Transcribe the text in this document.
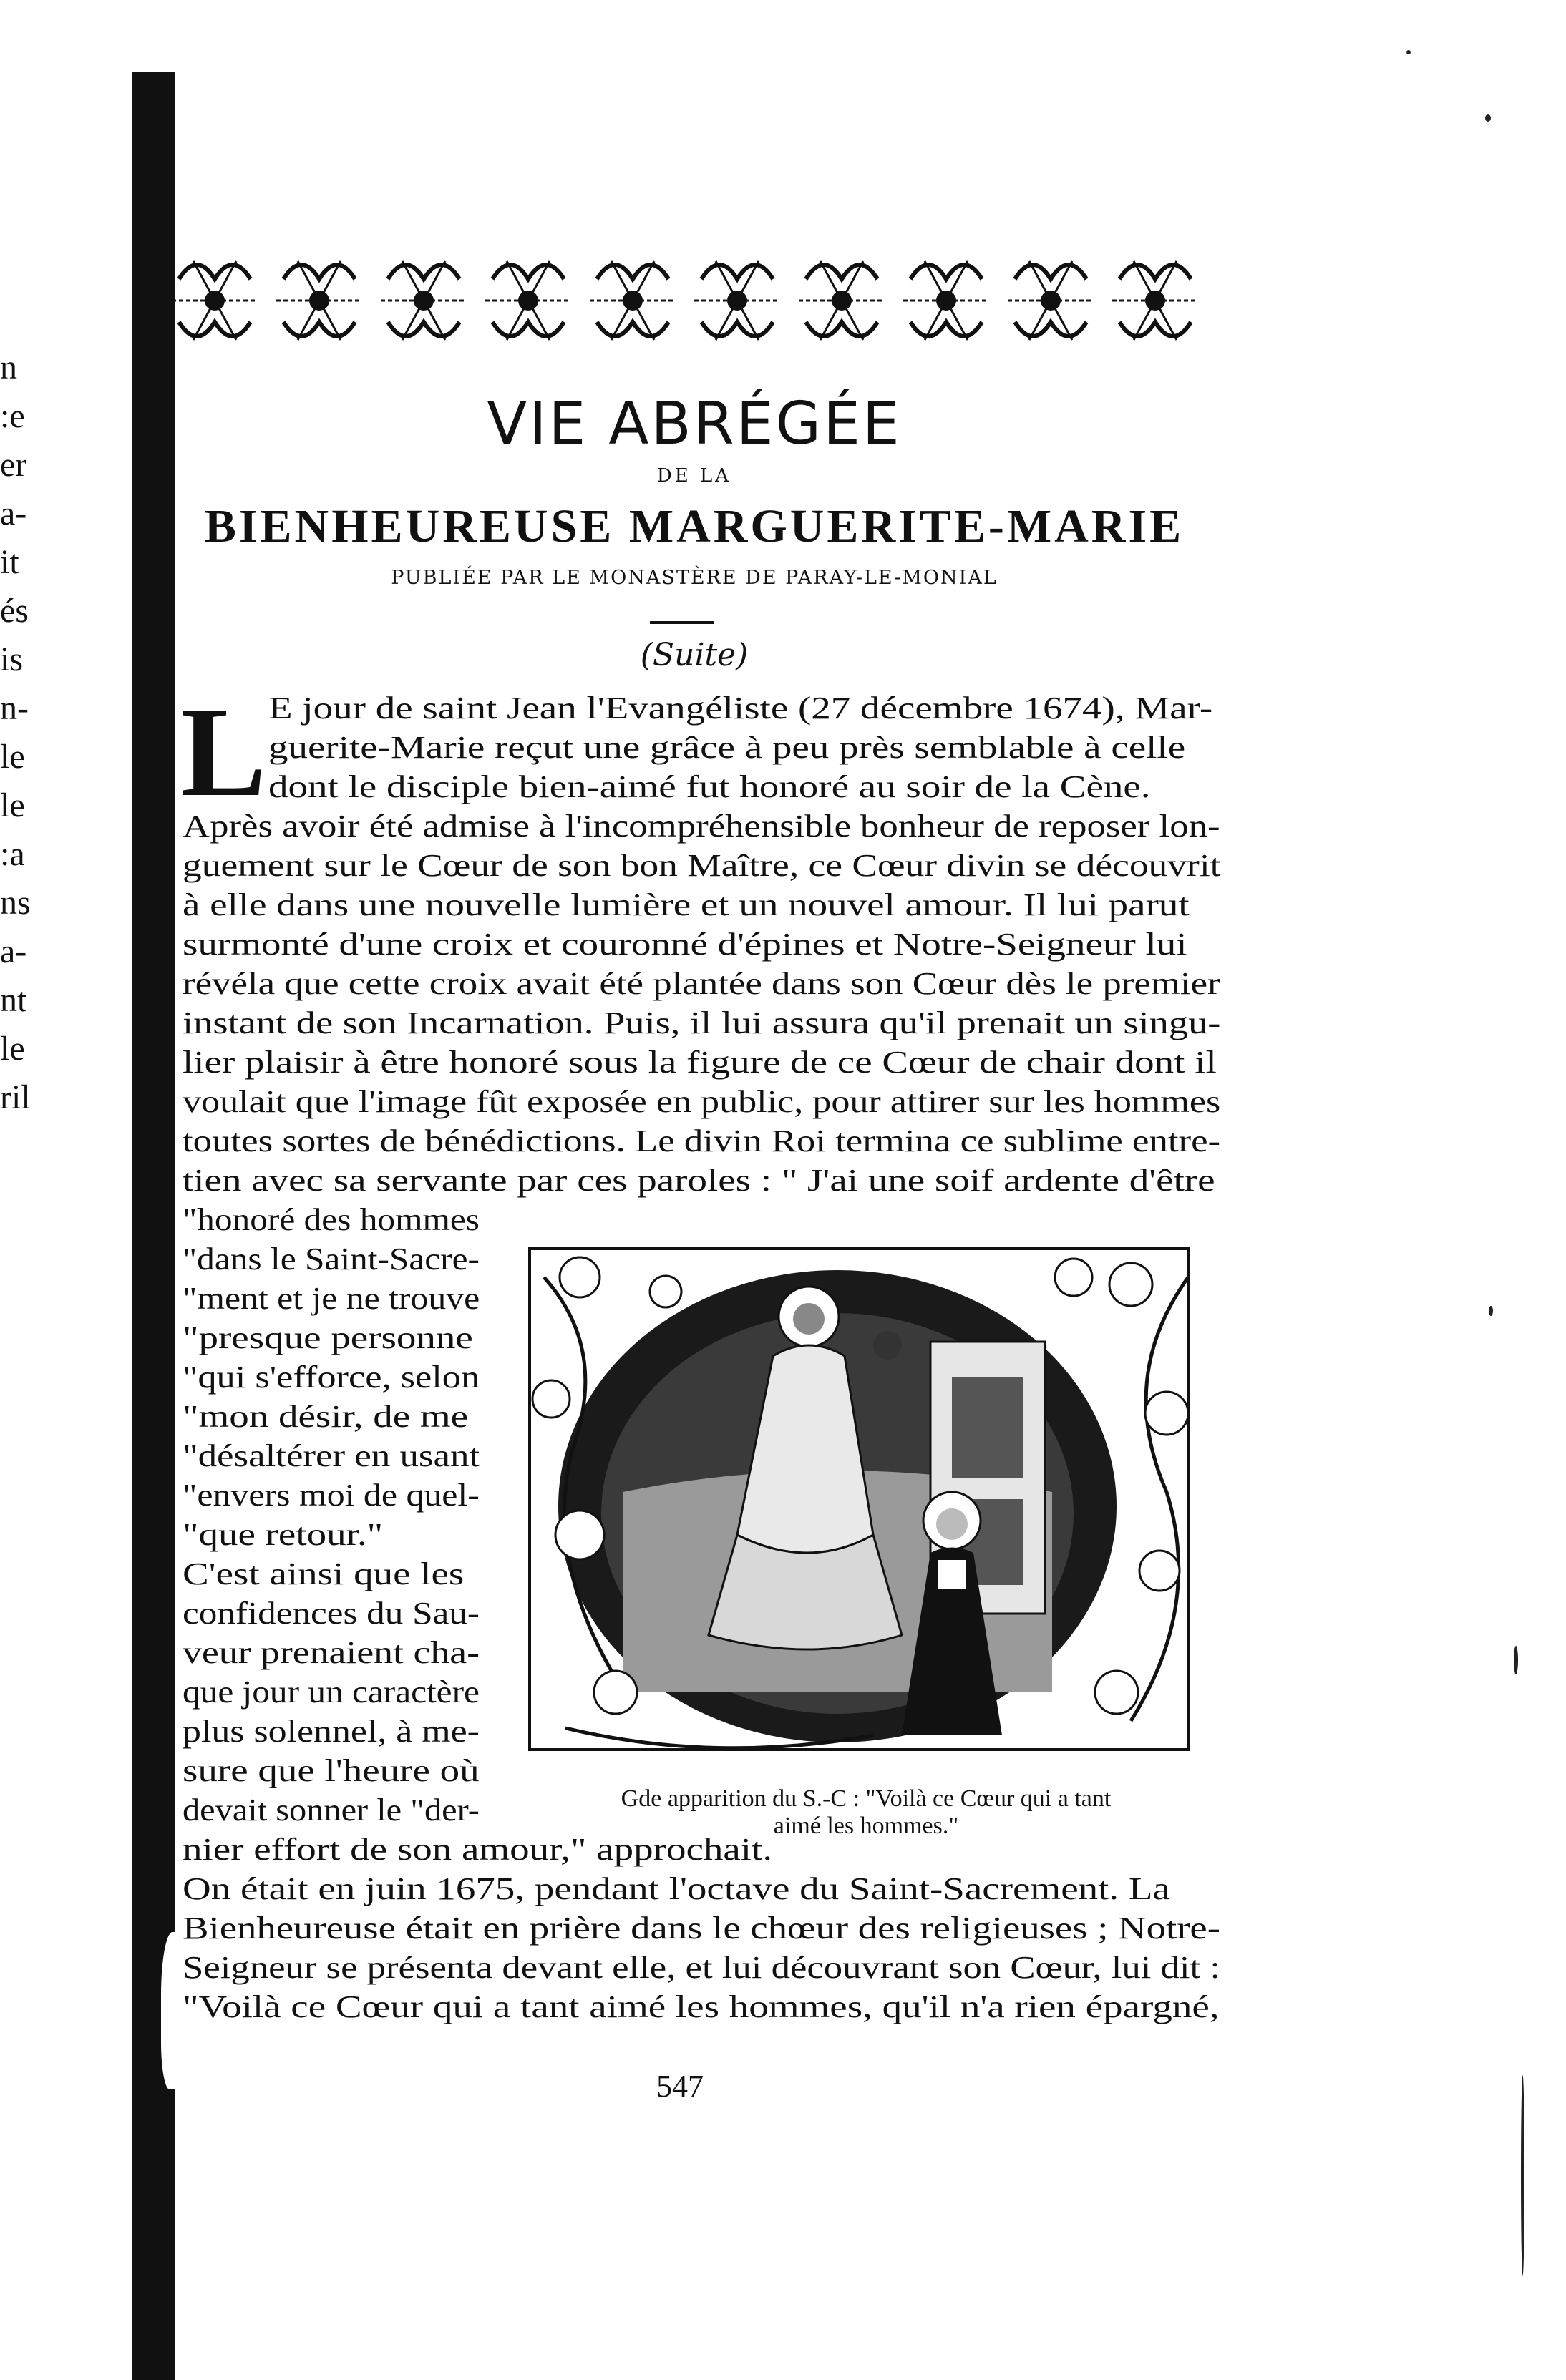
n
:e
er
a-
it
és
is
n-
le
le
:a
ns
a-
nt
le
ril
VIE ABRÉGÉE
DE LA
BIENHEUREUSE MARGUERITE-MARIE
PUBLIÉE PAR LE MONASTÈRE DE PARAY-LE-MONIAL
(Suite)
L E jour de saint Jean l'Evangéliste (27 décembre 1674), Mar-
guerite-Marie reçut une grâce à peu près semblable à celle
dont le disciple bien-aimé fut honoré au soir de la Cène.
Après avoir été admise à l'incompréhensible bonheur de reposer lon-
guement sur le Cœur de son bon Maître, ce Cœur divin se découvrit
à elle dans une nouvelle lumière et un nouvel amour. Il lui parut
surmonté d'une croix et couronné d'épines et Notre-Seigneur lui
révéla que cette croix avait été plantée dans son Cœur dès le premier
instant de son Incarnation. Puis, il lui assura qu'il prenait un singu-
lier plaisir à être honoré sous la figure de ce Cœur de chair dont il
voulait que l'image fût exposée en public, pour attirer sur les hommes
toutes sortes de bénédictions. Le divin Roi termina ce sublime entre-
tien avec sa servante par ces paroles : " J'ai une soif ardente d'être
"honoré des hommes
"dans le Saint-Sacre-
"ment et je ne trouve
"presque personne
"qui s'efforce, selon
"mon désir, de me
"désaltérer en usant
"envers moi de quel-
"que retour."
C'est ainsi que les
confidences du Sau-
veur prenaient cha-
que jour un caractère
plus solennel, à me-
sure que l'heure où
devait sonner le "der-
nier effort de son amour," approchait.
On était en juin 1675, pendant l'octave du Saint-Sacrement. La
Bienheureuse était en prière dans le chœur des religieuses ; Notre-
Seigneur se présenta devant elle, et lui découvrant son Cœur, lui dit :
"Voilà ce Cœur qui a tant aimé les hommes, qu'il n'a rien épargné,
Gde apparition du S.-C : "Voilà ce Cœur qui a tant
aimé les hommes."
547
